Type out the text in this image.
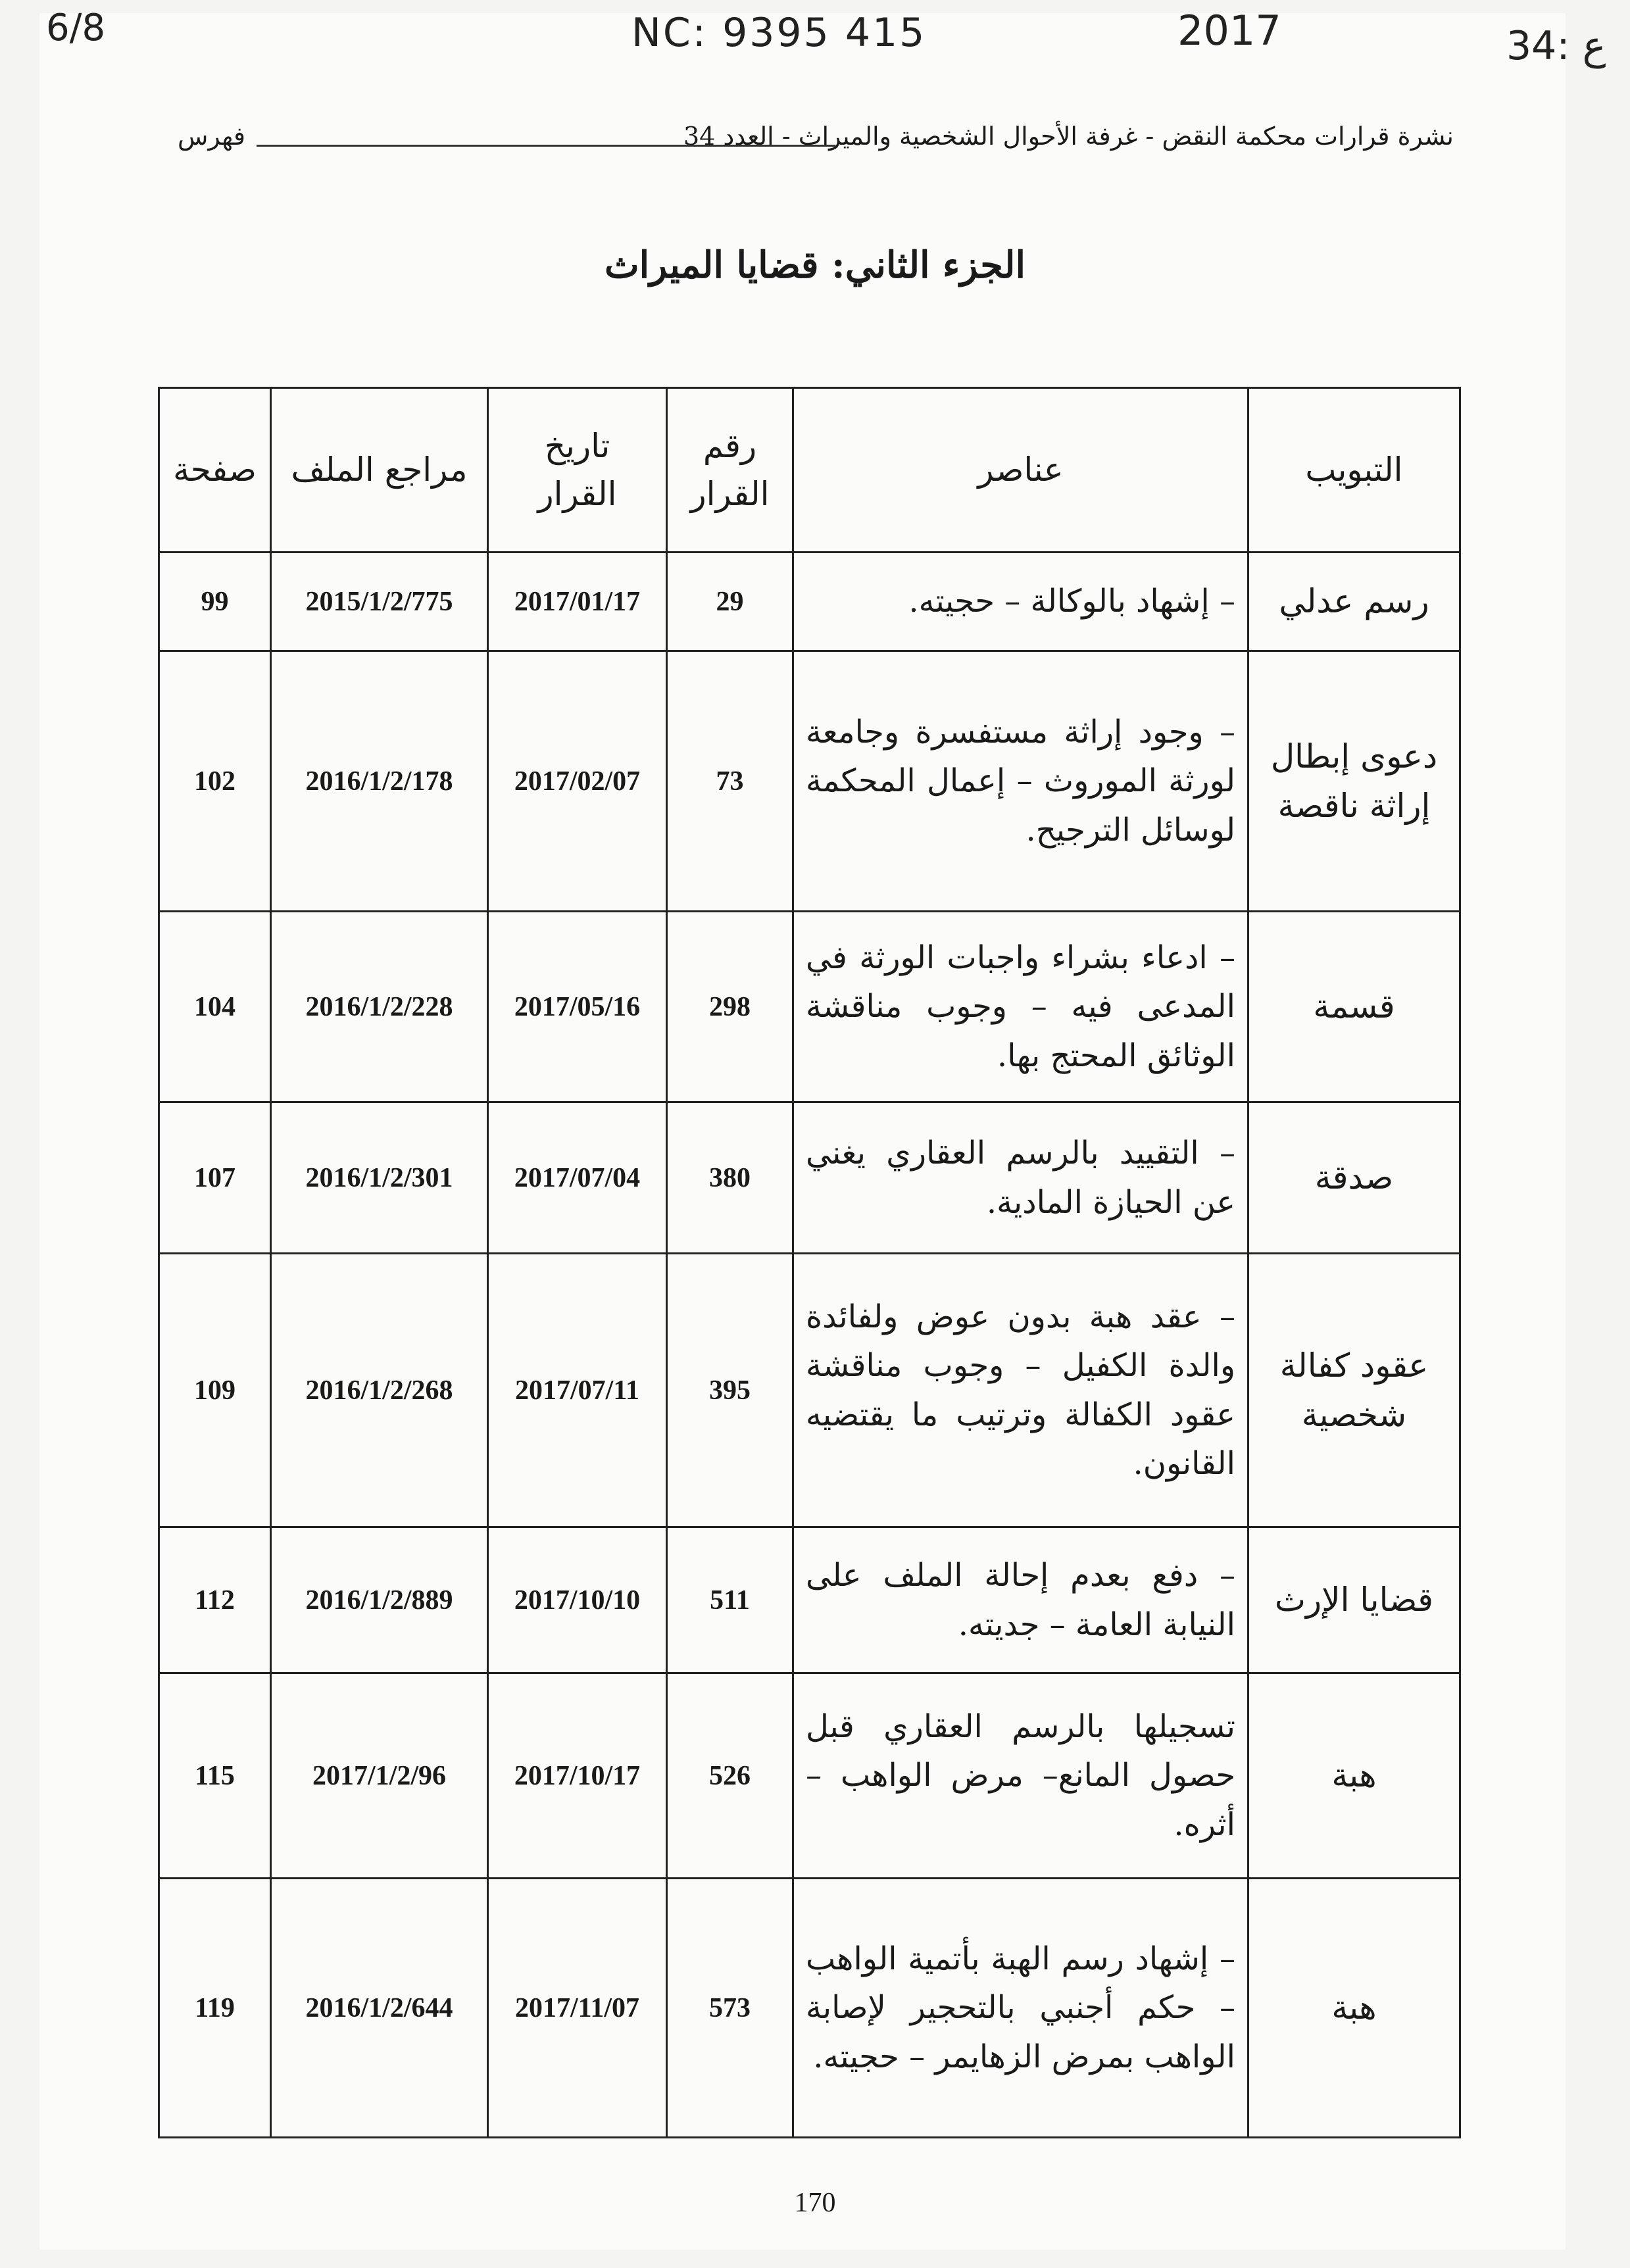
6/8	NC: 9395 415	2017	34: ع
نشرة قرارات محكمة النقض - غرفة الأحوال الشخصية والميراث - العدد 34
فهرس
الجزء الثاني: قضايا الميراث
التبويب	عناصر	رقم القرار	تاريخ القرار	مراجع الملف	صفحة
رسم عدلي	– إشهاد بالوكالة – حجيته.	29	2017/01/17	2015/1/2/775	99
دعوى إبطال إراثة ناقصة	– وجود إراثة مستفسرة وجامعة لورثة الموروث – إعمال المحكمة لوسائل الترجيح.	73	2017/02/07	2016/1/2/178	102
قسمة	– ادعاء بشراء واجبات الورثة في المدعى فيه – وجوب مناقشة الوثائق المحتج بها.	298	2017/05/16	2016/1/2/228	104
صدقة	– التقييد بالرسم العقاري يغني عن الحيازة المادية.	380	2017/07/04	2016/1/2/301	107
عقود كفالة شخصية	– عقد هبة بدون عوض ولفائدة والدة الكفيل – وجوب مناقشة عقود الكفالة وترتيب ما يقتضيه القانون.	395	2017/07/11	2016/1/2/268	109
قضايا الإرث	– دفع بعدم إحالة الملف على النيابة العامة – جديته.	511	2017/10/10	2016/1/2/889	112
هبة	تسجيلها بالرسم العقاري قبل حصول المانع– مرض الواهب – أثره.	526	2017/10/17	2017/1/2/96	115
هبة	– إشهاد رسم الهبة بأتمية الواهب – حكم أجنبي بالتحجير لإصابة الواهب بمرض الزهايمر – حجيته.	573	2017/11/07	2016/1/2/644	119
170
